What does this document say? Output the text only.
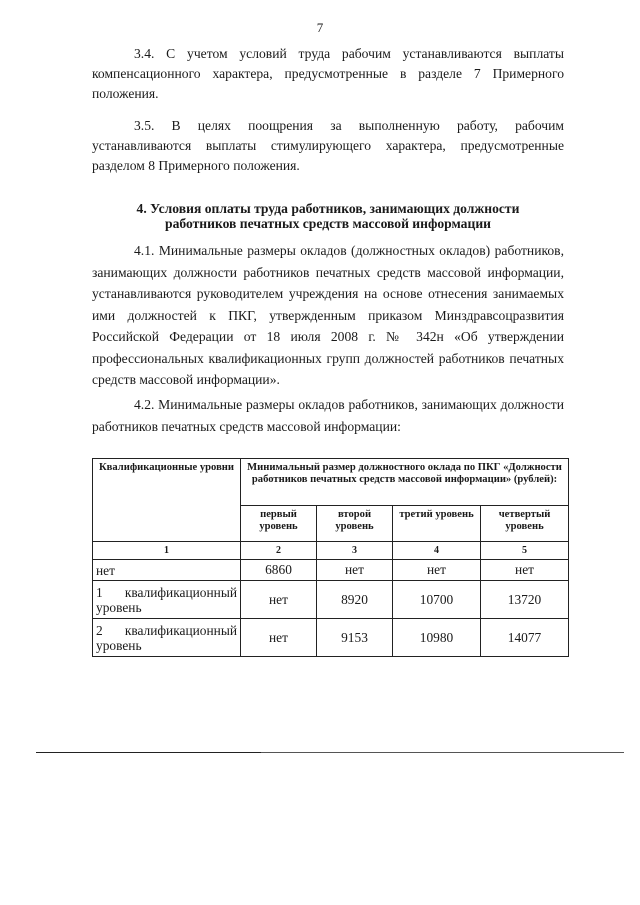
7

3.4. С учетом условий труда рабочим устанавливаются выплаты компенсационного характера, предусмотренные в разделе 7 Примерного положения.

3.5. В целях поощрения за выполненную работу, рабочим устанавливаются выплаты стимулирующего характера, предусмотренные разделом 8 Примерного положения.

4. Условия оплаты труда работников, занимающих должности
работников печатных средств массовой информации

4.1. Минимальные размеры окладов (должностных окладов) работников, занимающих должности работников печатных средств массовой информации, устанавливаются руководителем учреждения на основе отнесения занимаемых ими должностей к ПКГ, утвержденным приказом Минздравсоцразвития Российской Федерации от 18 июля 2008 г. № 342н «Об утверждении профессиональных квалификационных групп должностей работников печатных средств массовой информации».

4.2. Минимальные размеры окладов работников, занимающих должности работников печатных средств массовой информации:

Квалификационные уровни	Минимальный размер должностного оклада по ПКГ «Должности работников печатных средств массовой информации» (рублей):			
	первый уровень	второй уровень	третий уровень	четвертый уровень
1	2	3	4	5
нет	6860	нет	нет	нет
1 квалификационный уровень	нет	8920	10700	13720
2 квалификационный уровень	нет	9153	10980	14077
